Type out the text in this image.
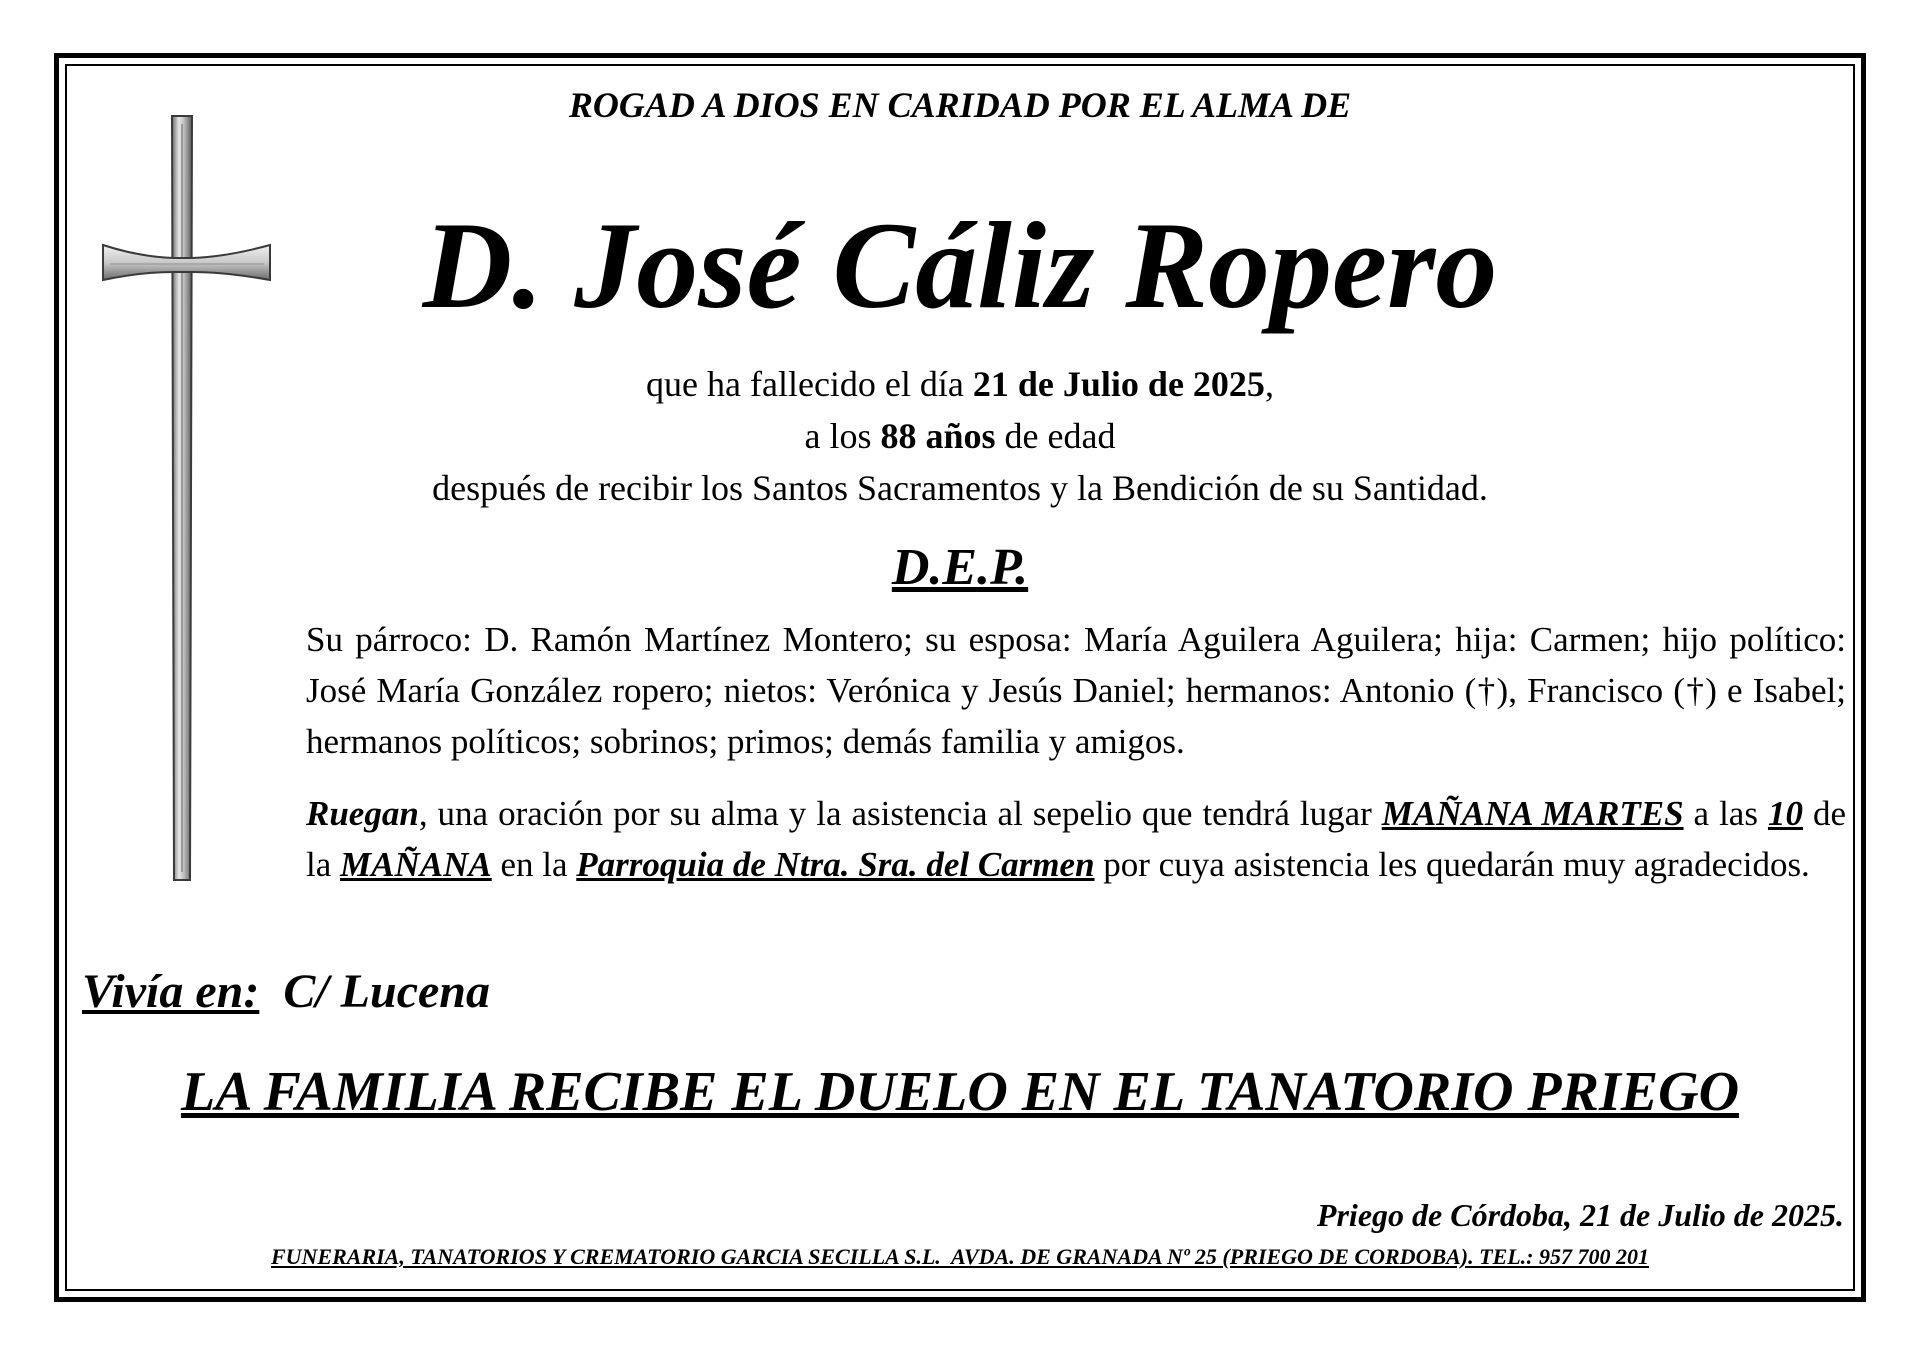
ROGAD A DIOS EN CARIDAD POR EL ALMA DE
D. José Cáliz Ropero
que ha fallecido el día 21 de Julio de 2025,
a los 88 años de edad
después de recibir los Santos Sacramentos y la Bendición de su Santidad.
D.E.P.
Su párroco: D. Ramón Martínez Montero; su esposa: María Aguilera Aguilera; hija: Carmen; hijo político: José María González ropero; nietos: Verónica y Jesús Daniel; hermanos: Antonio (†), Francisco (†) e Isabel; hermanos políticos; sobrinos; primos; demás familia y amigos.
Ruegan, una oración por su alma y la asistencia al sepelio que tendrá lugar MAÑANA MARTES a las 10 de la MAÑANA en la Parroquia de Ntra. Sra. del Carmen por cuya asistencia les quedarán muy agradecidos.
Vivía en: C/ Lucena
LA FAMILIA RECIBE EL DUELO EN EL TANATORIO PRIEGO
Priego de Córdoba, 21 de Julio de 2025.
FUNERARIA, TANATORIOS Y CREMATORIO GARCIA SECILLA S.L.  AVDA. DE GRANADA Nº 25 (PRIEGO DE CORDOBA). TEL.: 957 700 201
